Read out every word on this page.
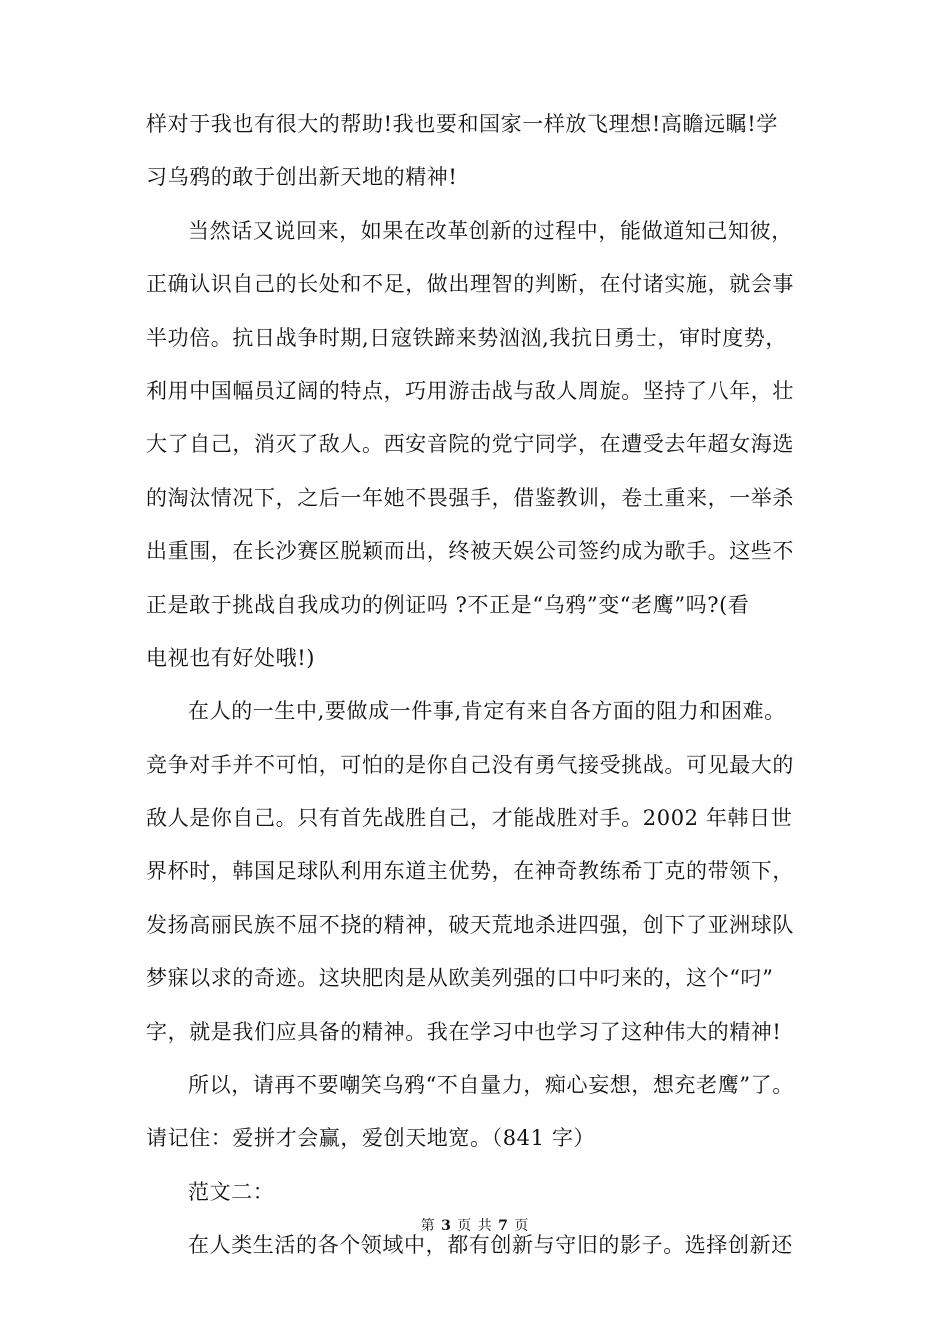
样对于我也有很大的帮助!我也要和国家一样放飞理想!高瞻远瞩!学
习乌鸦的敢于创出新天地的精神!
当然话又说回来，如果在改革创新的过程中，能做道知己知彼，
正确认识自己的长处和不足，做出理智的判断，在付诸实施，就会事
半功倍。抗日战争时期,日寇铁蹄来势汹汹,我抗日勇士，审时度势，
利用中国幅员辽阔的特点，巧用游击战与敌人周旋。坚持了八年，壮
大了自己，消灭了敌人。西安音院的党宁同学，在遭受去年超女海选
的淘汰情况下，之后一年她不畏强手，借鉴教训，卷土重来，一举杀
出重围，在长沙赛区脱颖而出，终被天娱公司签约成为歌手。这些不
正是敢于挑战自我成功的例证吗 ?不正是“乌鸦”变“老鹰”吗?(看
电视也有好处哦!)
在人的一生中,要做成一件事,肯定有来自各方面的阻力和困难。
竞争对手并不可怕，可怕的是你自己没有勇气接受挑战。可见最大的
敌人是你自己。只有首先战胜自己，才能战胜对手。2002 年韩日世
界杯时，韩国足球队利用东道主优势，在神奇教练希丁克的带领下，
发扬高丽民族不屈不挠的精神，破天荒地杀进四强，创下了亚洲球队
梦寐以求的奇迹。这块肥肉是从欧美列强的口中叼来的，这个“叼”
字，就是我们应具备的精神。我在学习中也学习了这种伟大的精神!
所以，请再不要嘲笑乌鸦“不自量力，痴心妄想，想充老鹰”了。
请记住：爱拼才会赢，爱创天地宽。（841 字）
范文二：
在人类生活的各个领域中，都有创新与守旧的影子。选择创新还
第 3 页 共 7 页
